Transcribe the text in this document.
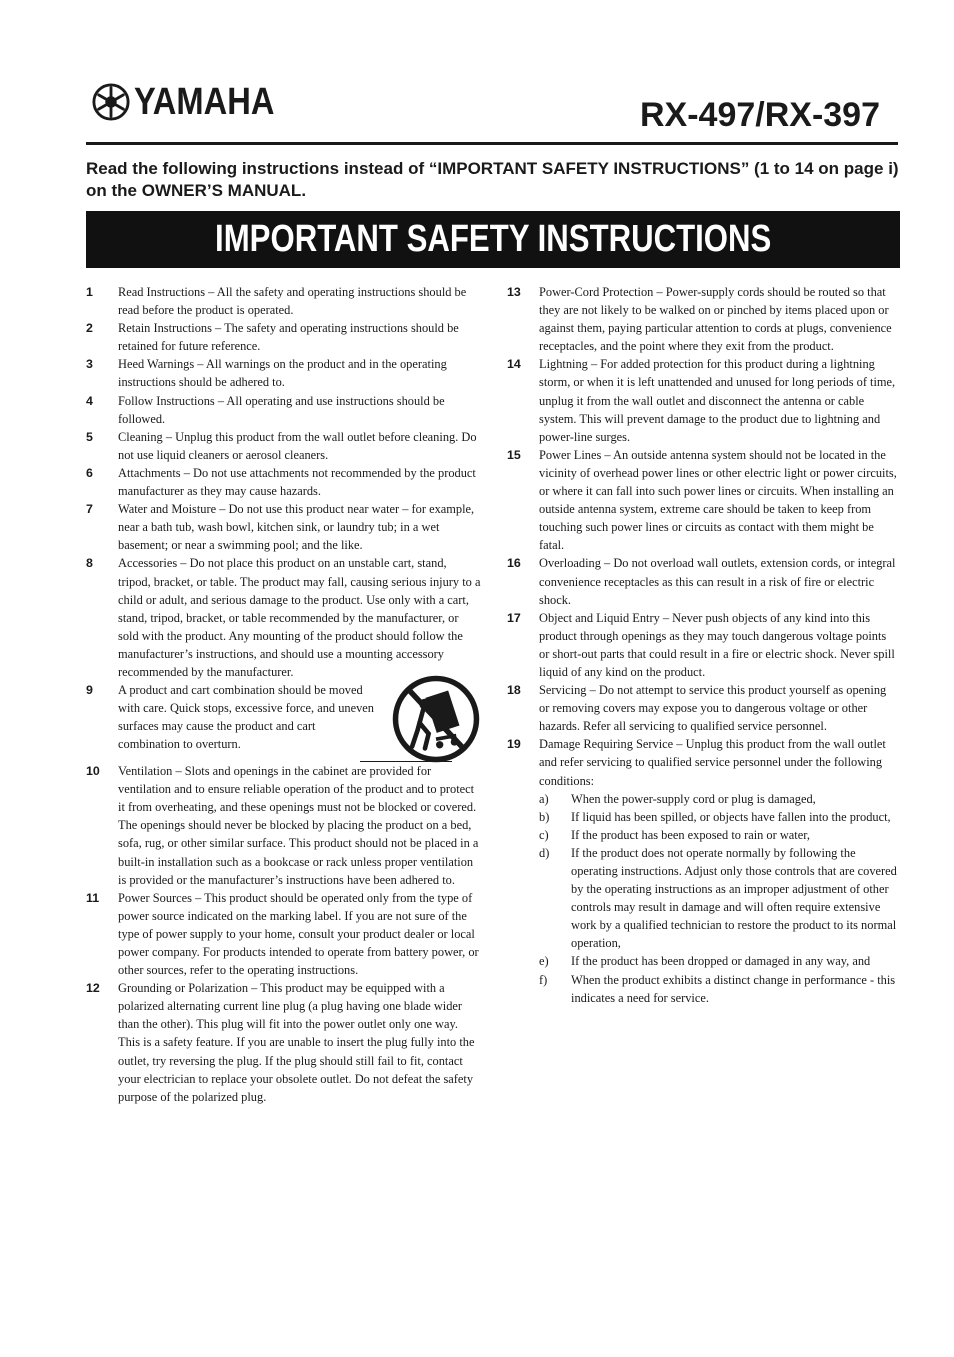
YAMAHA	RX-497/RX-397
Read the following instructions instead of “IMPORTANT SAFETY INSTRUCTIONS” (1 to 14 on page i) on the OWNER’S MANUAL.
IMPORTANT SAFETY INSTRUCTIONS
1	Read Instructions – All the safety and operating instructions should be read before the product is operated.
2	Retain Instructions – The safety and operating instructions should be retained for future reference.
3	Heed Warnings – All warnings on the product and in the operating instructions should be adhered to.
4	Follow Instructions – All operating and use instructions should be followed.
5	Cleaning – Unplug this product from the wall outlet before cleaning. Do not use liquid cleaners or aerosol cleaners.
6	Attachments – Do not use attachments not recommended by the product manufacturer as they may cause hazards.
7	Water and Moisture – Do not use this product near water – for example, near a bath tub, wash bowl, kitchen sink, or laundry tub; in a wet basement; or near a swimming pool; and the like.
8	Accessories – Do not place this product on an unstable cart, stand, tripod, bracket, or table. The product may fall, causing serious injury to a child or adult, and serious damage to the product. Use only with a cart, stand, tripod, bracket, or table recommended by the manufacturer, or sold with the product. Any mounting of the product should follow the manufacturer’s instructions, and should use a mounting accessory recommended by the manufacturer.
9	A product and cart combination should be moved with care. Quick stops, excessive force, and uneven surfaces may cause the product and cart combination to overturn.
10	Ventilation – Slots and openings in the cabinet are provided for ventilation and to ensure reliable operation of the product and to protect it from overheating, and these openings must not be blocked or covered. The openings should never be blocked by placing the product on a bed, sofa, rug, or other similar surface. This product should not be placed in a built-in installation such as a bookcase or rack unless proper ventilation is provided or the manufacturer’s instructions have been adhered to.
11	Power Sources – This product should be operated only from the type of power source indicated on the marking label. If you are not sure of the type of power supply to your home, consult your product dealer or local power company. For products intended to operate from battery power, or other sources, refer to the operating instructions.
12	Grounding or Polarization – This product may be equipped with a polarized alternating current line plug (a plug having one blade wider than the other). This plug will fit into the power outlet only one way. This is a safety feature. If you are unable to insert the plug fully into the outlet, try reversing the plug. If the plug should still fail to fit, contact your electrician to replace your obsolete outlet. Do not defeat the safety purpose of the polarized plug.
13	Power-Cord Protection – Power-supply cords should be routed so that they are not likely to be walked on or pinched by items placed upon or against them, paying particular attention to cords at plugs, convenience receptacles, and the point where they exit from the product.
14	Lightning – For added protection for this product during a lightning storm, or when it is left unattended and unused for long periods of time, unplug it from the wall outlet and disconnect the antenna or cable system. This will prevent damage to the product due to lightning and power-line surges.
15	Power Lines – An outside antenna system should not be located in the vicinity of overhead power lines or other electric light or power circuits, or where it can fall into such power lines or circuits. When installing an outside antenna system, extreme care should be taken to keep from touching such power lines or circuits as contact with them might be fatal.
16	Overloading – Do not overload wall outlets, extension cords, or integral convenience receptacles as this can result in a risk of fire or electric shock.
17	Object and Liquid Entry – Never push objects of any kind into this product through openings as they may touch dangerous voltage points or short-out parts that could result in a fire or electric shock. Never spill liquid of any kind on the product.
18	Servicing – Do not attempt to service this product yourself as opening or removing covers may expose you to dangerous voltage or other hazards. Refer all servicing to qualified service personnel.
19	Damage Requiring Service – Unplug this product from the wall outlet and refer servicing to qualified service personnel under the following conditions:
a)	When the power-supply cord or plug is damaged,
b)	If liquid has been spilled, or objects have fallen into the product,
c)	If the product has been exposed to rain or water,
d)	If the product does not operate normally by following the operating instructions. Adjust only those controls that are covered by the operating instructions as an improper adjustment of other controls may result in damage and will often require extensive work by a qualified technician to restore the product to its normal operation,
e)	If the product has been dropped or damaged in any way, and
f)	When the product exhibits a distinct change in performance - this indicates a need for service.
